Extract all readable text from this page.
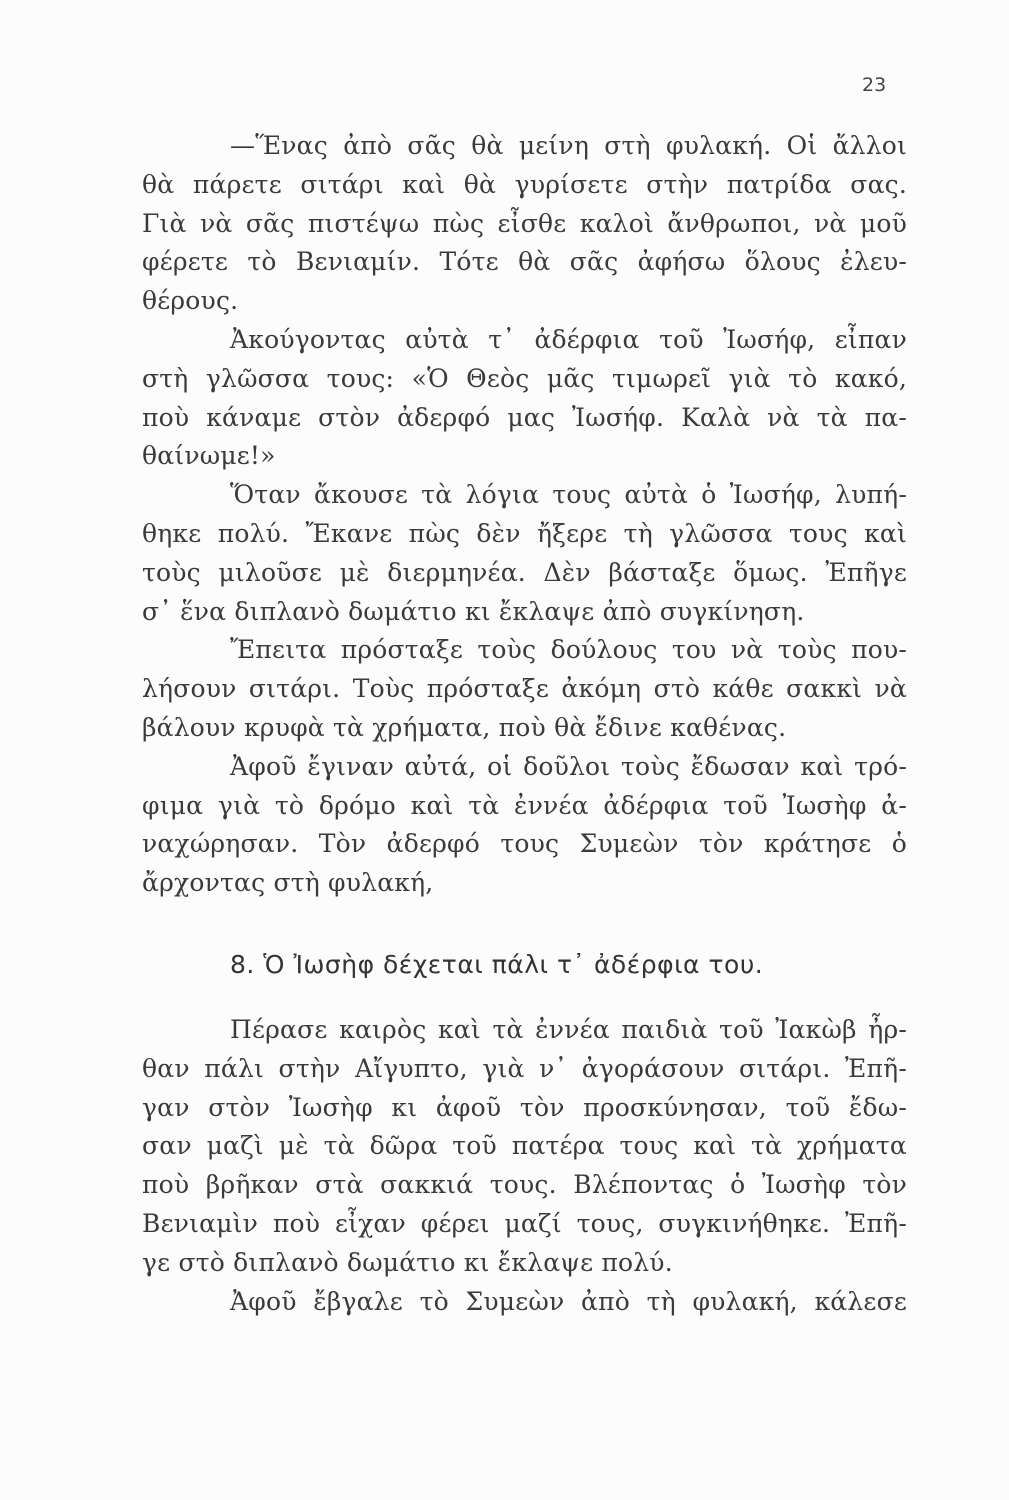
23
—Ἕνας ἀπὸ σᾶς θὰ μείνη στὴ φυλακή. Οἱ ἄλλοι
θὰ πάρετε σιτάρι καὶ θὰ γυρίσετε στὴν πατρίδα σας.
Γιὰ νὰ σᾶς πιστέψω πὼς εἶσθε καλοὶ ἄνθρωποι, νὰ μοῦ
φέρετε τὸ Βενιαμίν. Τότε θὰ σᾶς ἀφήσω ὅλους ἐλευ-
θέρους.
Ἀκούγοντας αὐτὰ τ᾿ ἀδέρφια τοῦ Ἰωσήφ, εἶπαν
στὴ γλῶσσα τους: «Ὁ Θεὸς μᾶς τιμωρεῖ γιὰ τὸ κακό,
ποὺ κάναμε στὸν ἀδερφό μας Ἰωσήφ. Καλὰ νὰ τὰ πα-
θαίνωμε!»
Ὅταν ἄκουσε τὰ λόγια τους αὐτὰ ὁ Ἰωσήφ, λυπή-
θηκε πολύ. Ἔκανε πὼς δὲν ἤξερε τὴ γλῶσσα τους καὶ
τοὺς μιλοῦσε μὲ διερμηνέα. Δὲν βάσταξε ὅμως. Ἐπῆγε
σ᾿ ἕνα διπλανὸ δωμάτιο κι ἔκλαψε ἀπὸ συγκίνηση.
Ἔπειτα πρόσταξε τοὺς δούλους του νὰ τοὺς που-
λήσουν σιτάρι. Τοὺς πρόσταξε ἀκόμη στὸ κάθε σακκὶ νὰ
βάλουν κρυφὰ τὰ χρήματα, ποὺ θὰ ἔδινε καθένας.
Ἀφοῦ ἔγιναν αὐτά, οἱ δοῦλοι τοὺς ἔδωσαν καὶ τρό-
φιμα γιὰ τὸ δρόμο καὶ τὰ ἐννέα ἀδέρφια τοῦ Ἰωσὴφ ἀ-
ναχώρησαν. Τὸν ἀδερφό τους Συμεὼν τὸν κράτησε ὁ
ἄρχοντας στὴ φυλακή,
8. Ὁ Ἰωσὴφ δέχεται πάλι τ᾿ ἀδέρφια του.
Πέρασε καιρὸς καὶ τὰ ἐννέα παιδιὰ τοῦ Ἰακὼβ ἦρ-
θαν πάλι στὴν Αἴγυπτο, γιὰ ν᾿ ἀγοράσουν σιτάρι. Ἐπῆ-
γαν στὸν Ἰωσὴφ κι ἀφοῦ τὸν προσκύνησαν, τοῦ ἔδω-
σαν μαζὶ μὲ τὰ δῶρα τοῦ πατέρα τους καὶ τὰ χρήματα
ποὺ βρῆκαν στὰ σακκιά τους. Βλέποντας ὁ Ἰωσὴφ τὸν
Βενιαμὶν ποὺ εἶχαν φέρει μαζί τους, συγκινήθηκε. Ἐπῆ-
γε στὸ διπλανὸ δωμάτιο κι ἔκλαψε πολύ.
Ἀφοῦ ἔβγαλε τὸ Συμεὼν ἀπὸ τὴ φυλακή, κάλεσε
